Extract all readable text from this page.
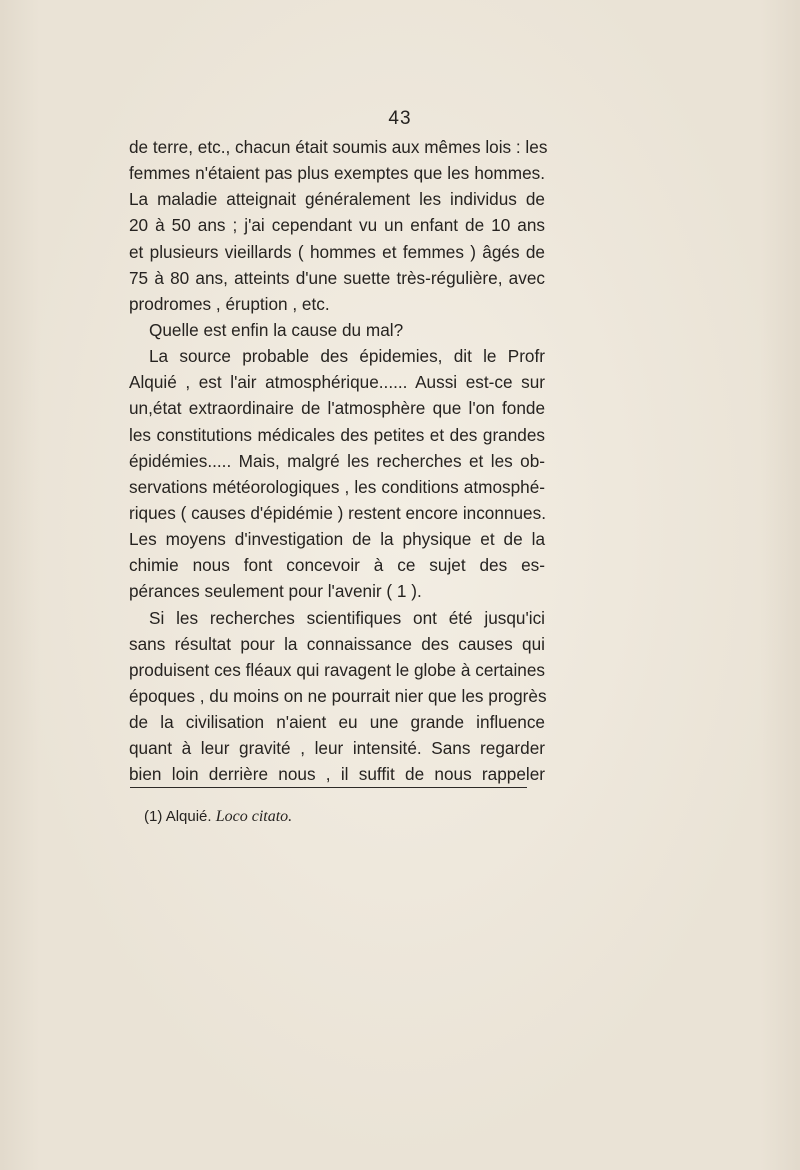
43
de terre, etc., chacun était soumis aux mêmes lois : les
femmes n'étaient pas plus exemptes que les hommes.
La maladie atteignait généralement les individus de
20 à 50 ans ; j'ai cependant vu un enfant de 10 ans
et plusieurs vieillards ( hommes et femmes ) âgés de
75 à 80 ans, atteints d'une suette très-régulière, avec
prodromes , éruption , etc.
Quelle est enfin la cause du mal?
La source probable des épidemies, dit le Profr
Alquié , est l'air atmosphérique...... Aussi est-ce sur
un,état extraordinaire de l'atmosphère que l'on fonde
les constitutions médicales des petites et des grandes
épidémies..... Mais, malgré les recherches et les ob-
servations météorologiques , les conditions atmosphé-
riques ( causes d'épidémie ) restent encore inconnues.
Les moyens d'investigation de la physique et de la
chimie nous font concevoir à ce sujet des es-
pérances seulement pour l'avenir ( 1 ).
Si les recherches scientifiques ont été jusqu'ici
sans résultat pour la connaissance des causes qui
produisent ces fléaux qui ravagent le globe à certaines
époques , du moins on ne pourrait nier que les progrès
de la civilisation n'aient eu une grande influence
quant à leur gravité , leur intensité. Sans regarder
bien loin derrière nous , il suffit de nous rappeler
(1) Alquié. Loco citato.
